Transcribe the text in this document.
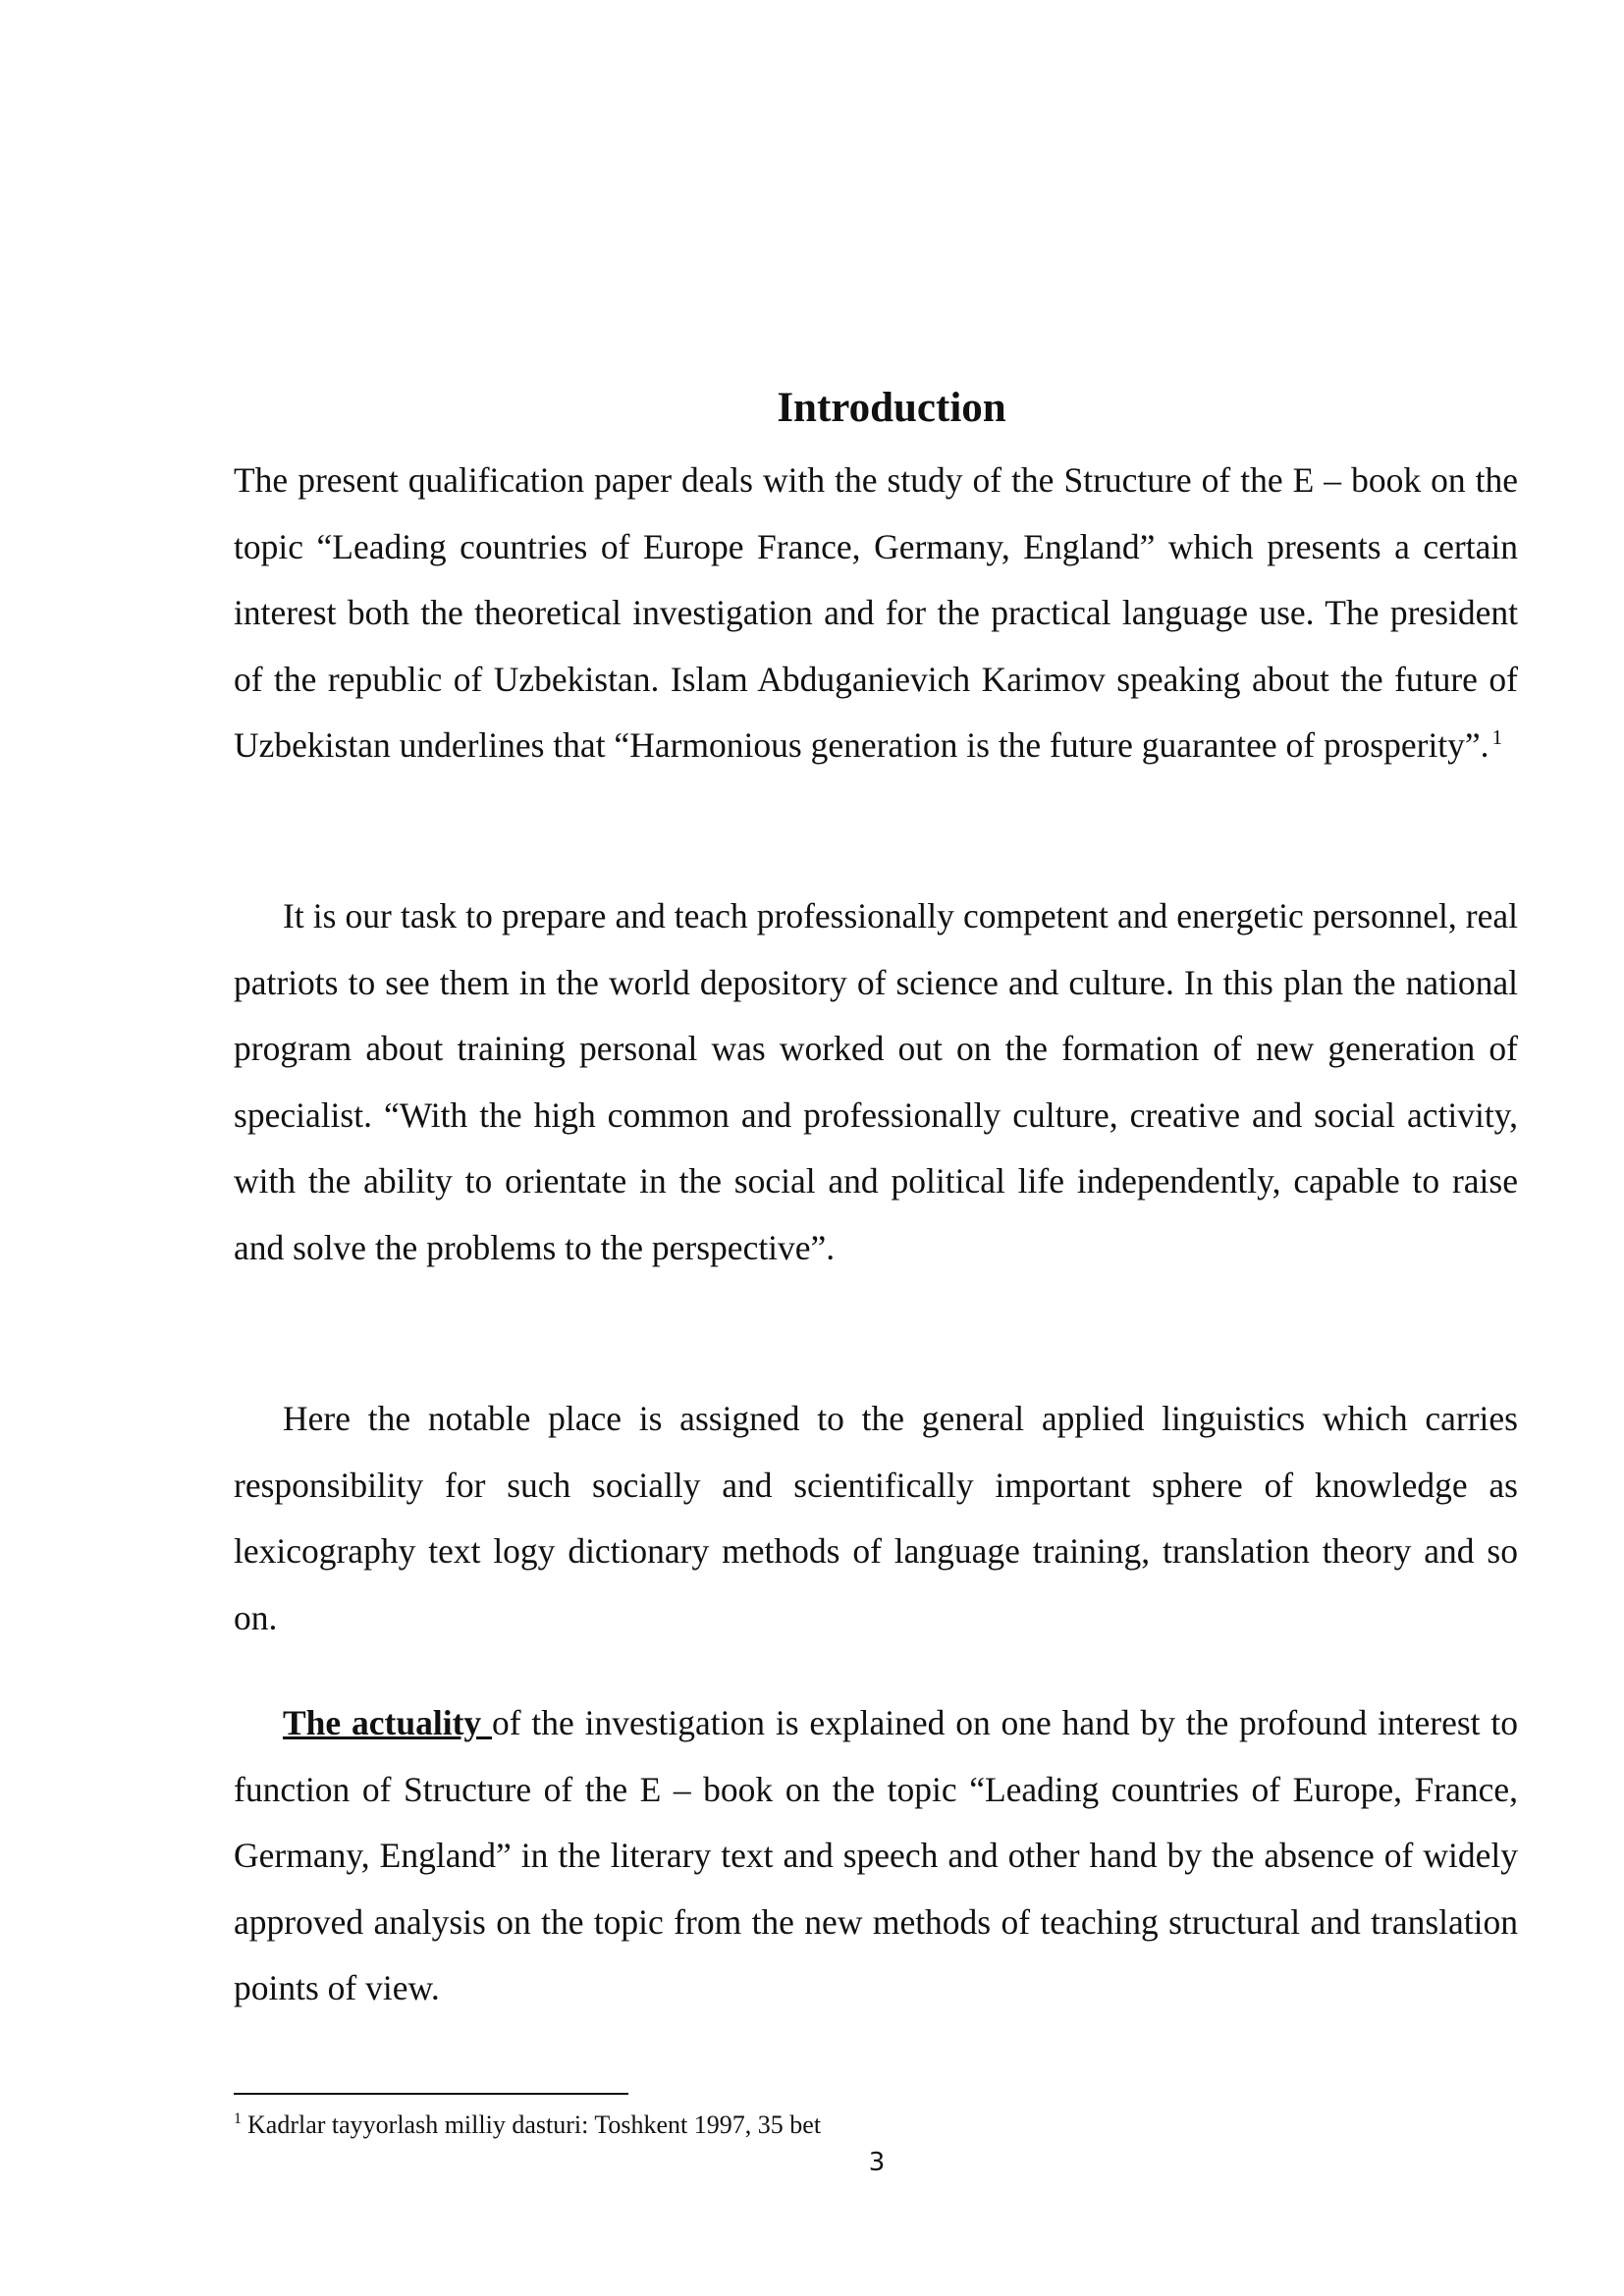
Introduction

The present qualification paper deals with the study of the Structure of the E – book on the topic “Leading countries of Europe France, Germany, England” which presents a certain interest both the theoretical investigation and for the practical language use. The president of the republic of Uzbekistan. Islam Abduganievich Karimov speaking about the future of Uzbekistan underlines that “Harmonious generation is the future guarantee of prosperity”. $^1$

It is our task to prepare and teach professionally competent and energetic personnel, real patriots to see them in the world depository of science and culture. In this plan the national program about training personal was worked out on the formation of new generation of specialist. “With the high common and professionally culture, creative and social activity, with the ability to orientate in the social and political life independently, capable to raise and solve the problems to the perspective”.

Here the notable place is assigned to the general applied linguistics which carries responsibility for such socially and scientifically important sphere of knowledge as lexicography text logy dictionary methods of language training, translation theory and so on.

The actuality of the investigation is explained on one hand by the profound interest to function of Structure of the E – book on the topic “Leading countries of Europe, France, Germany, England” in the literary text and speech and other hand by the absence of widely approved analysis on the topic from the new methods of teaching structural and translation points of view.

$^1$ Kadrlar tayyorlash milliy dasturi: Toshkent 1997, 35 bet

3
